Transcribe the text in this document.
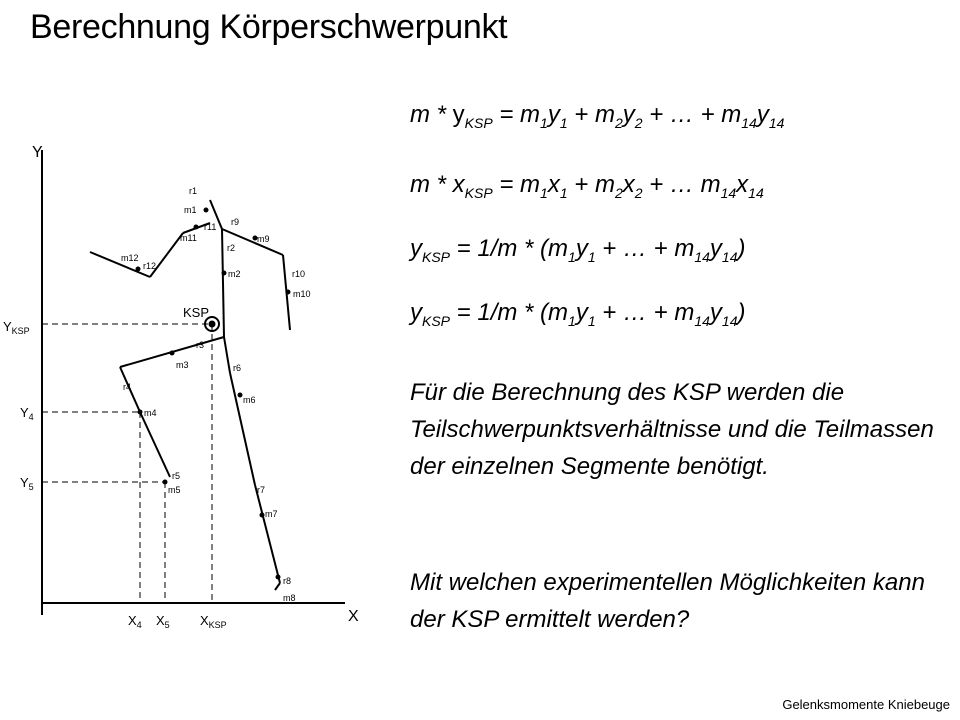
Berechnung Körperschwerpunkt
Y
X
KSP
$Y_{KSP}$
$Y_4$
$Y_5$
$X_4$ $X_5$ $X_{KSP}$
r1
m1
r9
m9
r11
m11
r2
m2
m12
r12
r10
m10
r3
m3	r6
m6
r4
m4
r5
m5	r7
m7
r8
m8
$m * y_{KSP} = m_1y_1 + m_2y_2$ + … + $m_{14}y_{14}$
$m * x_{KSP} = m_1x_1 + m_2x_2$ + … $m_{14}x_{14}$
$y_{KSP} = 1/m * (m_1y_1$ + … + $m_{14}y_{14}$)
$y_{KSP} = 1/m * (m_1y_1$ + … + $m_{14}y_{14}$)

Für die Berechnung des KSP werden die Teilschwerpunktsverhältnisse und die Teilmassen der einzelnen Segmente benötigt.

Mit welchen experimentellen Möglichkeiten kann der KSP ermittelt werden?

Gelenksmomente Kniebeuge
